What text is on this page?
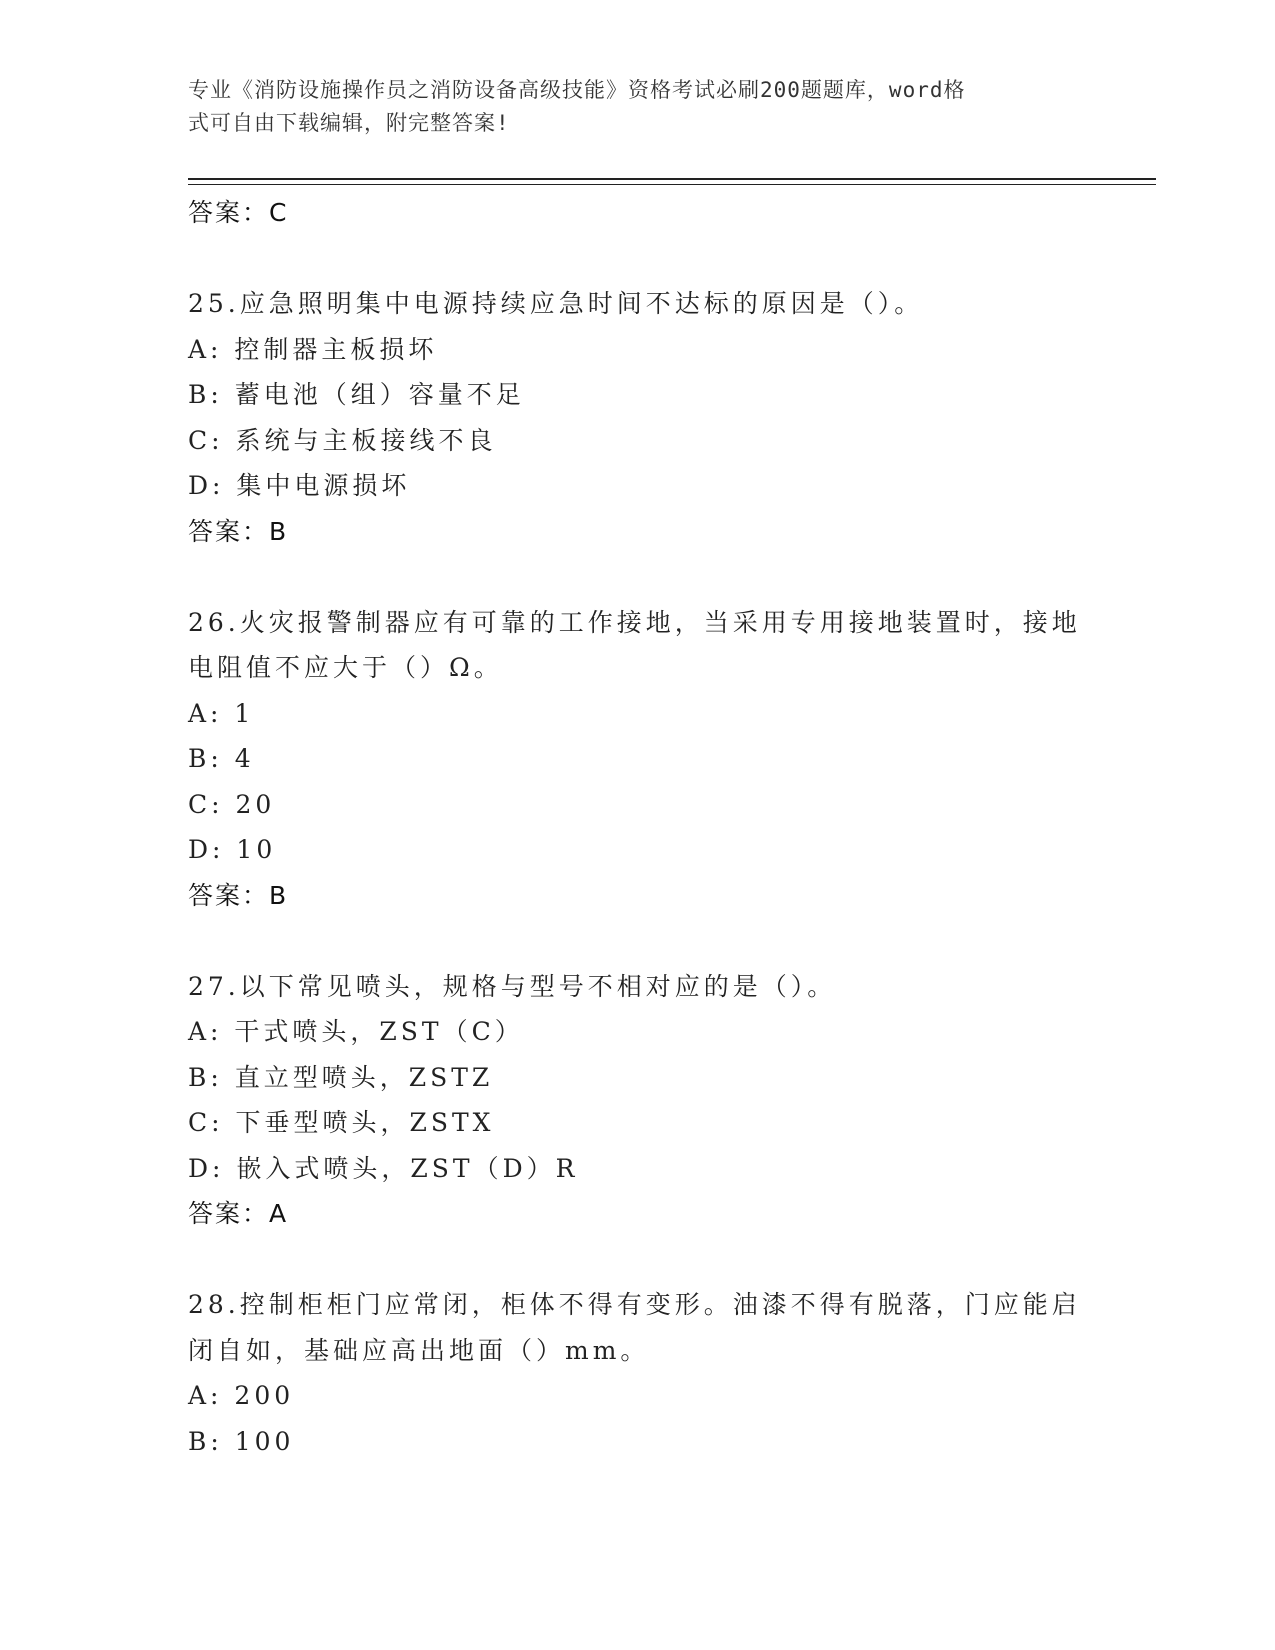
专业《消防设施操作员之消防设备高级技能》资格考试必刷200题题库，word格
式可自由下载编辑，附完整答案!
答案：C
25.应急照明集中电源持续应急时间不达标的原因是（）。
A: 控制器主板损坏
B: 蓄电池（组）容量不足
C: 系统与主板接线不良
D: 集中电源损坏
答案：B
26.火灾报警制器应有可靠的工作接地，当采用专用接地装置时，接地
电阻值不应大于（）Ω。
A: 1
B: 4
C: 20
D: 10
答案：B
27.以下常见喷头，规格与型号不相对应的是（）。
A: 干式喷头，ZST（C）
B: 直立型喷头，ZSTZ
C: 下垂型喷头，ZSTX
D: 嵌入式喷头，ZST（D）R
答案：A
28.控制柜柜门应常闭，柜体不得有变形。油漆不得有脱落，门应能启
闭自如，基础应高出地面（）mm。
A: 200
B: 100
